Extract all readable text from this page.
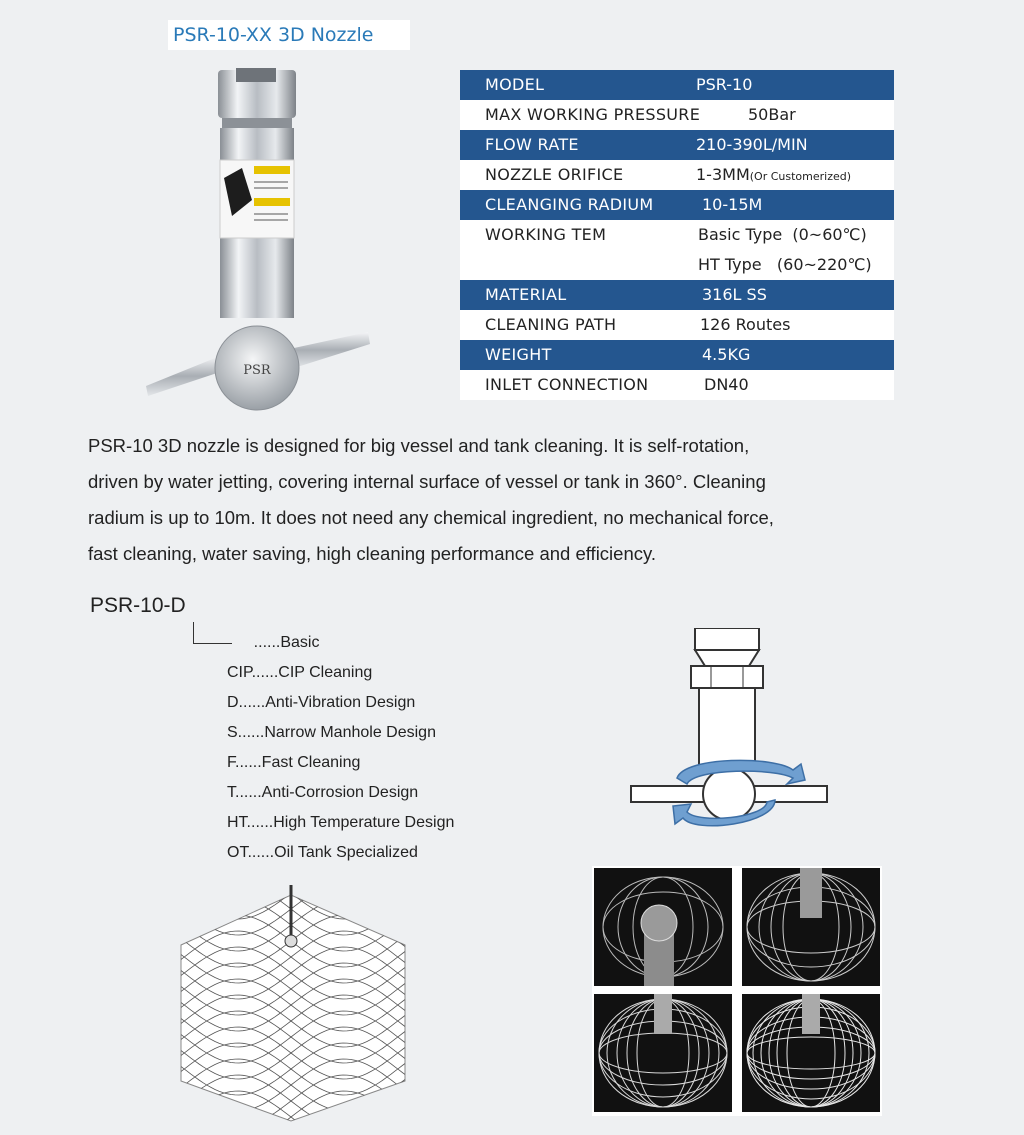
PSR-10-XX 3D Nozzle
PSR
MODEL	PSR-10
MAX WORKING PRESSURE	50Bar
FLOW RATE	210-390L/MIN
NOZZLE ORIFICE	1-3MM(Or Customerized)
CLEANGING RADIUM	10-15M
WORKING TEM	Basic Type  (0~60℃)
HT Type   (60~220℃)
MATERIAL	316L SS
CLEANING PATH	126 Routes
WEIGHT	4.5KG
INLET CONNECTION	DN40
PSR-10 3D nozzle is designed for big vessel and tank cleaning. It is self-rotation,
driven by water jetting, covering internal surface of vessel or tank in 360°. Cleaning
radium is up to 10m. It does not need any chemical ingredient, no mechanical force,
fast cleaning, water saving, high cleaning performance and efficiency.
PSR-10-D
......Basic
CIP......CIP Cleaning
D......Anti-Vibration Design
S......Narrow Manhole Design
F......Fast Cleaning
T......Anti-Corrosion Design
HT......High Temperature Design
OT......Oil Tank Specialized
